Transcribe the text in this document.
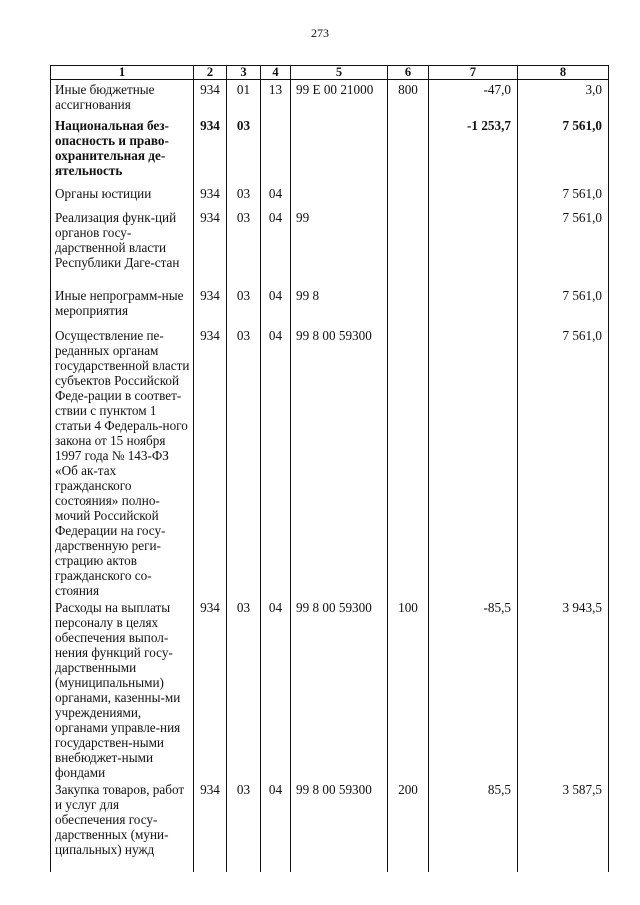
273
1	2	3	4	5	6	7	8
Иные бюджетные ассигнования	934	01	13	99 Е 00 21000	800	-47,0	3,0
Национальная без-опасность и право-охранительная де-ятельность	934	03				-1 253,7	7 561,0
Органы юстиции	934	03	04				7 561,0
Реализация функ-ций органов госу-дарственной власти Республики Даге-стан	934	03	04	99			7 561,0
Иные непрограмм-ные мероприятия	934	03	04	99 8			7 561,0
Осуществление пе-реданных органам государственной власти субъектов Российской Феде-рации в соответ-ствии с пунктом 1 статьи 4 Федераль-ного закона от 15 ноября 1997 года № 143-ФЗ «Об ак-тах гражданского состояния» полно-мочий Российской Федерации на госу-дарственную реги-страцию актов гражданского со-стояния	934	03	04	99 8 00 59300			7 561,0
Расходы на выплаты персоналу в целях обеспечения выпол-нения функций госу-дарственными (муниципальными) органами, казенны-ми учреждениями, органами управле-ния государствен-ными внебюджет-ными фондами	934	03	04	99 8 00 59300	100	-85,5	3 943,5
Закупка товаров, работ и услуг для обеспечения госу-дарственных (муни-ципальных) нужд	934	03	04	99 8 00 59300	200	85,5	3 587,5
